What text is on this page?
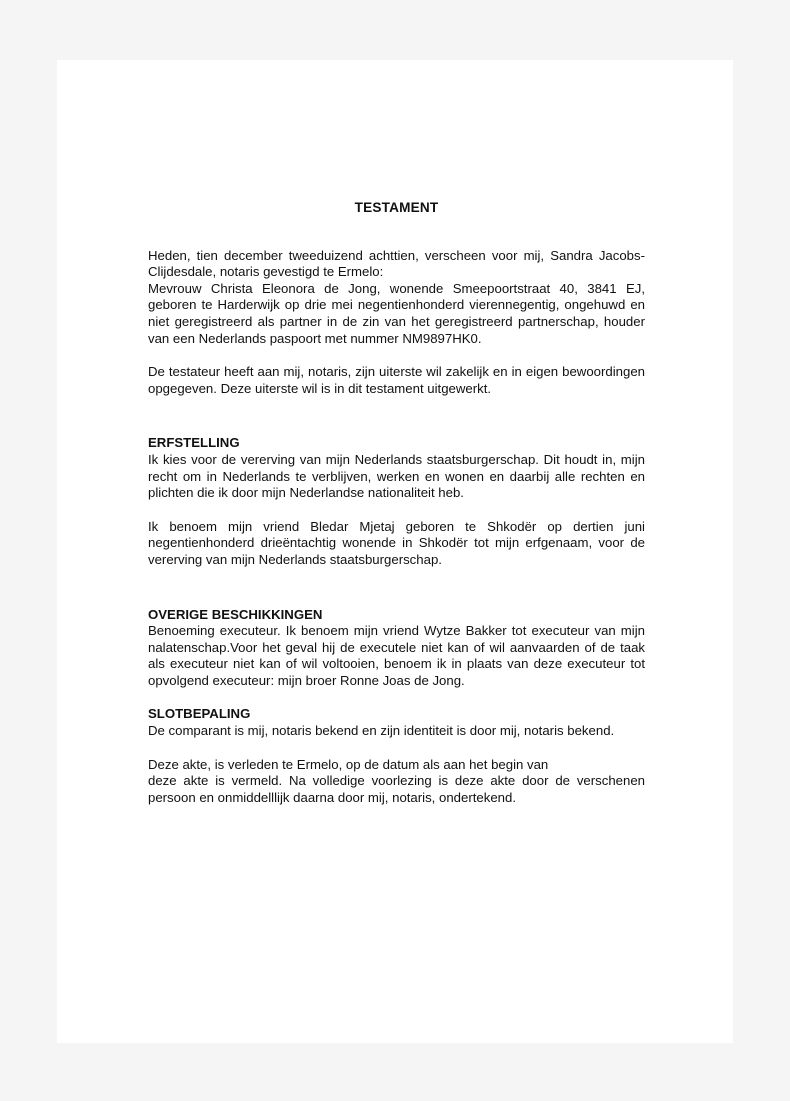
TESTAMENT
Heden, tien december tweeduizend achttien, verscheen voor mij, Sandra Jacobs-Clijdesdale, notaris gevestigd te Ermelo:
Mevrouw Christa Eleonora de Jong, wonende Smeepoortstraat 40, 3841 EJ, geboren te Harderwijk op drie mei negentienhonderd vierennegentig, ongehuwd en niet geregistreerd als partner in de zin van het geregistreerd partnerschap, houder van een Nederlands paspoort met nummer NM9897HK0.

De testateur heeft aan mij, notaris, zijn uiterste wil zakelijk en in eigen bewoordingen opgegeven. Deze uiterste wil is in dit testament uitgewerkt.

ERFSTELLING

Ik kies voor de vererving van mijn Nederlands staatsburgerschap. Dit houdt in, mijn recht om in Nederlands te verblijven, werken en wonen en daarbij alle rechten en plichten die ik door mijn Nederlandse nationaliteit heb.

Ik benoem mijn vriend Bledar Mjetaj geboren te Shkodër op dertien juni negentienhonderd drieëntachtig wonende in Shkodër tot mijn erfgenaam, voor de vererving van mijn Nederlands staatsburgerschap.

OVERIGE BESCHIKKINGEN

Benoeming executeur. Ik benoem mijn vriend Wytze Bakker tot executeur van mijn nalatenschap.Voor het geval hij de executele niet kan of wil aanvaarden of de taak als executeur niet kan of wil voltooien, benoem ik in plaats van deze executeur tot opvolgend executeur: mijn broer Ronne Joas de Jong.

SLOTBEPALING

De comparant is mij, notaris bekend en zijn identiteit is door mij, notaris bekend.

Deze akte, is verleden te Ermelo, op de datum als aan het begin van
deze akte is vermeld. Na volledige voorlezing is deze akte door de verschenen persoon en onmiddelllijk daarna door mij, notaris, ondertekend.
